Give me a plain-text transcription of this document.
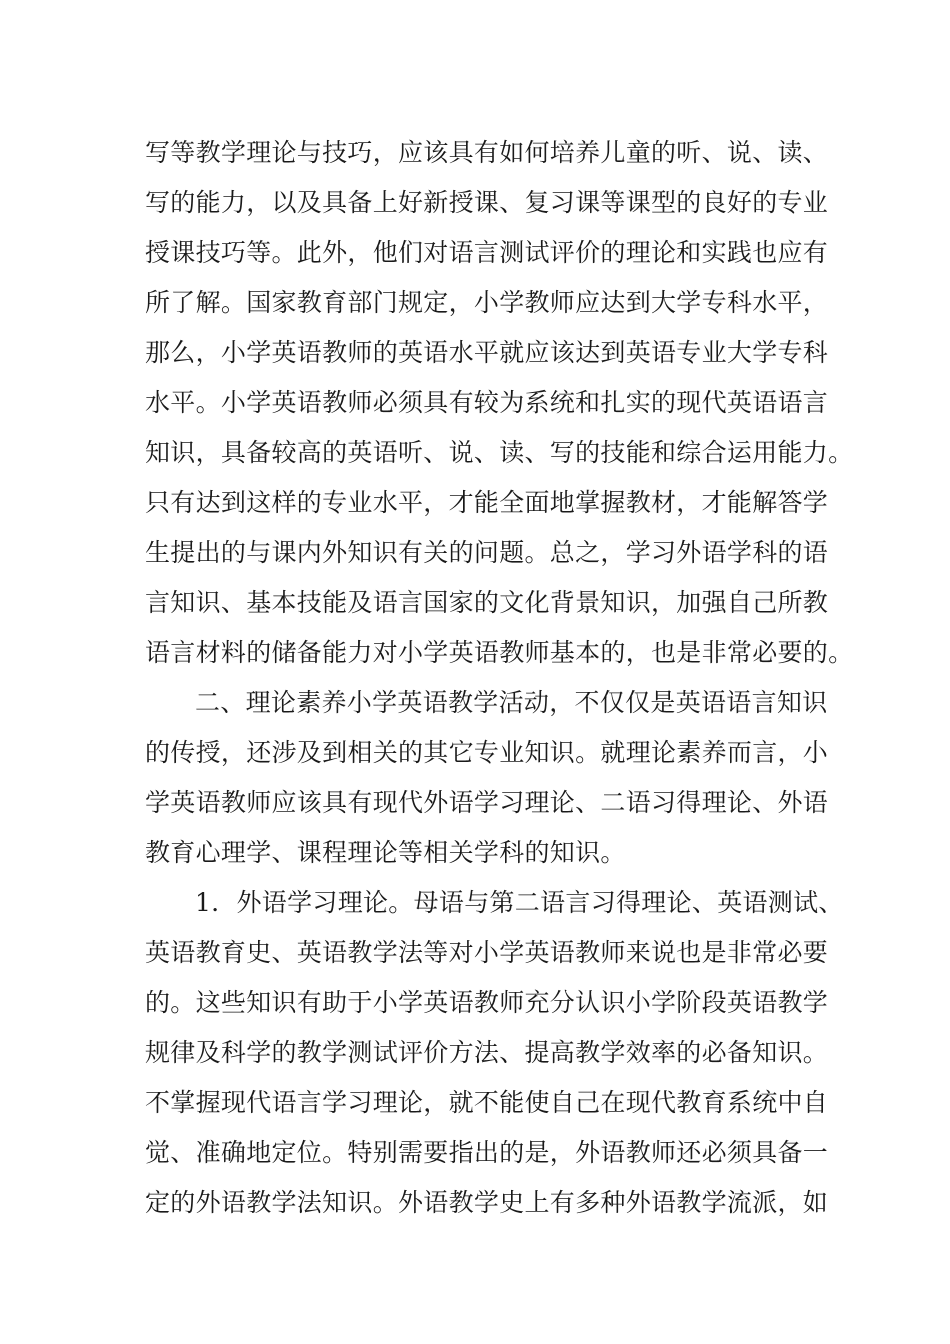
写等教学理论与技巧，应该具有如何培养儿童的听、说、读、
写的能力，以及具备上好新授课、复习课等课型的良好的专业
授课技巧等。此外，他们对语言测试评价的理论和实践也应有
所了解。国家教育部门规定，小学教师应达到大学专科水平，
那么，小学英语教师的英语水平就应该达到英语专业大学专科
水平。小学英语教师必须具有较为系统和扎实的现代英语语言
知识，具备较高的英语听、说、读、写的技能和综合运用能力。
只有达到这样的专业水平，才能全面地掌握教材，才能解答学
生提出的与课内外知识有关的问题。总之，学习外语学科的语
言知识、基本技能及语言国家的文化背景知识，加强自己所教
语言材料的储备能力对小学英语教师基本的，也是非常必要的。
二、理论素养小学英语教学活动，不仅仅是英语语言知识
的传授，还涉及到相关的其它专业知识。就理论素养而言，小
学英语教师应该具有现代外语学习理论、二语习得理论、外语
教育心理学、课程理论等相关学科的知识。
1．外语学习理论。母语与第二语言习得理论、英语测试、
英语教育史、英语教学法等对小学英语教师来说也是非常必要
的。这些知识有助于小学英语教师充分认识小学阶段英语教学
规律及科学的教学测试评价方法、提高教学效率的必备知识。
不掌握现代语言学习理论，就不能使自己在现代教育系统中自
觉、准确地定位。特别需要指出的是，外语教师还必须具备一
定的外语教学法知识。外语教学史上有多种外语教学流派，如
